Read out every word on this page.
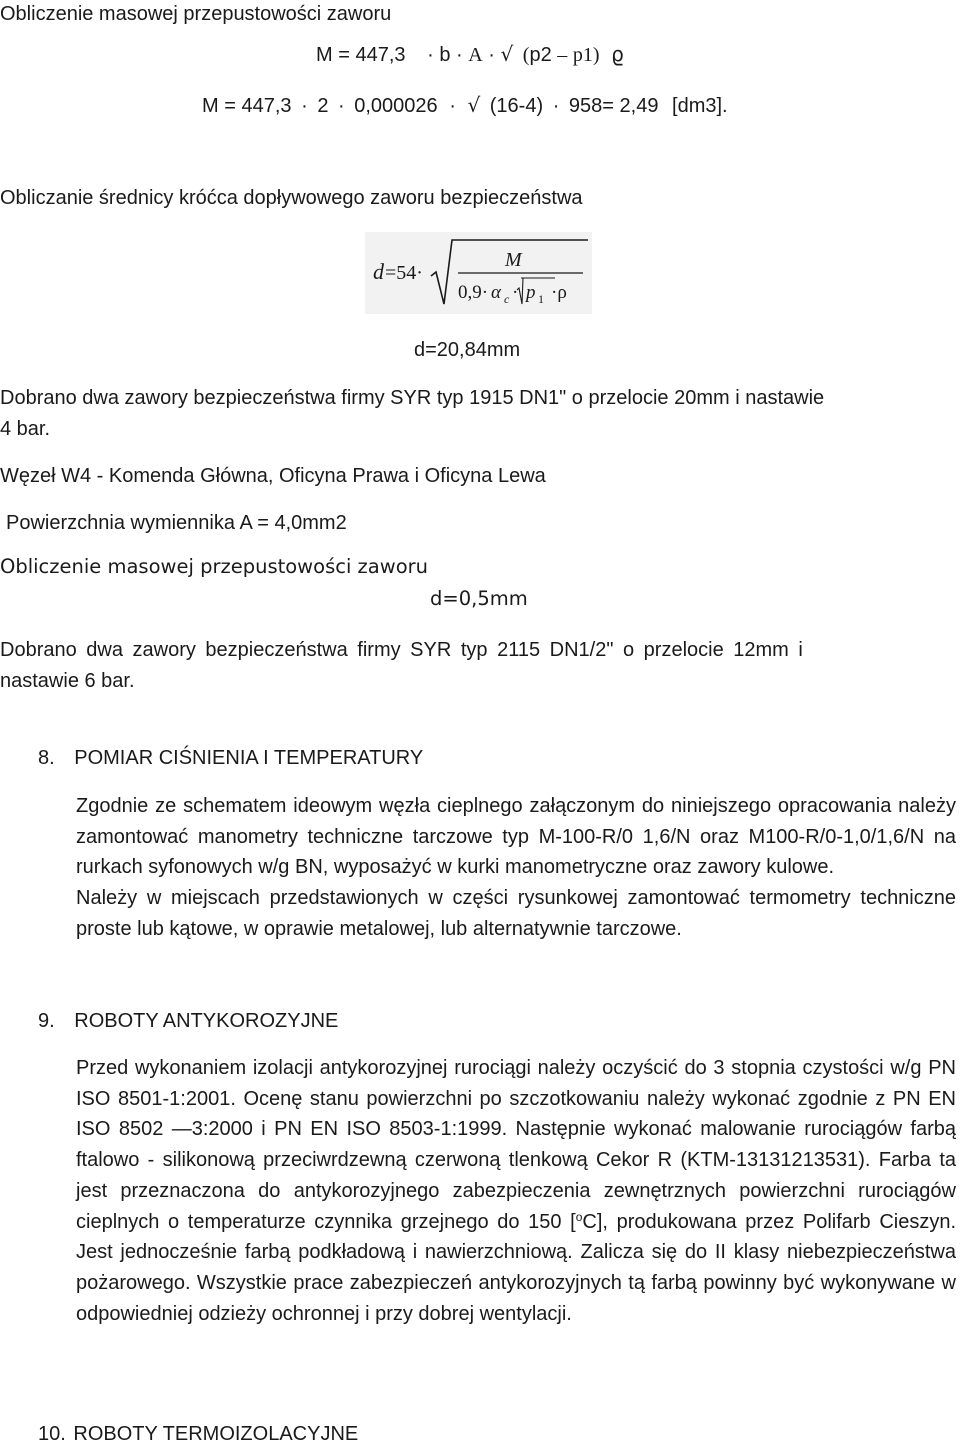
Obliczenie masowej przepustowości zaworu

M = 447,3 · b · A · √ (p2 – p1) ϱ
M = 447,3 · 2 · 0,000026 · √ (16-4) · 958= 2,49 [dm3].

Obliczanie średnicy króćca dopływowego zaworu bezpieczeństwa

d =54·
M
0,9· α c · p 1 ·ρ

d=20,84mm

Dobrano dwa zawory bezpieczeństwa firmy SYR typ 1915 DN1" o przelocie 20mm i nastawie

4 bar.

Węzeł W4 - Komenda Główna, Oficyna Prawa i Oficyna Lewa

Powierzchnia wymiennika A = 4,0mm2

Obliczenie masowej przepustowości zaworu

d=0,5mm

Dobrano dwa zawory bezpieczeństwa firmy SYR typ 2115 DN1/2" o przelocie 12mm i

nastawie 6 bar.

8. POMIAR CIŚNIENIA I TEMPERATURY

Zgodnie ze schematem ideowym węzła cieplnego załączonym do niniejszego opracowania należy zamontować manometry techniczne tarczowe typ M-100-R/0 1,6/N oraz M100-R/0-1,0/1,6/N na rurkach syfonowych w/g BN, wyposażyć w kurki manometryczne oraz zawory kulowe.

Należy w miejscach przedstawionych w części rysunkowej zamontować termometry techniczne proste lub kątowe, w oprawie metalowej, lub alternatywnie tarczowe.

9. ROBOTY ANTYKOROZYJNE

Przed wykonaniem izolacji antykorozyjnej rurociągi należy oczyścić do 3 stopnia czystości w/g PN ISO 8501-1:2001. Ocenę stanu powierzchni po szczotkowaniu należy wykonać zgodnie z PN EN ISO 8502 —3:2000 i PN EN ISO 8503-1:1999. Następnie wykonać malowanie rurociągów farbą ftalowo - silikonową przeciwrdzewną czerwoną tlenkową Cekor R (KTM-13131213531). Farba ta jest przeznaczona do antykorozyjnego zabezpieczenia zewnętrznych powierzchni rurociągów cieplnych o temperaturze czynnika grzejnego do 150 [$^o$C], produkowana przez Polifarb Cieszyn. Jest jednocześnie farbą podkładową i nawierzchniową. Zalicza się do II klasy niebezpieczeństwa pożarowego. Wszystkie prace zabezpieczeń antykorozyjnych tą farbą powinny być wykonywane w odpowiedniej odzieży ochronnej i przy dobrej wentylacji.

10. ROBOTY TERMOIZOLACYJNE
